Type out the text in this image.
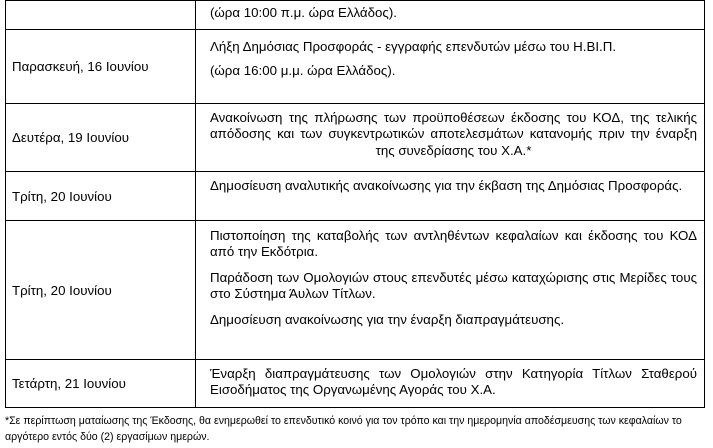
	(ώρα 10:00 π.μ. ώρα Ελλάδος).

Παρασκευή, 16 Ιουνίου	Λήξη Δημόσιας Προσφοράς - εγγραφής επενδυτών μέσω του Η.ΒΙ.Π.

(ώρα 16:00 μ.μ. ώρα Ελλάδος).

Δευτέρα, 19 Ιουνίου	Ανακοίνωση της πλήρωσης των προϋποθέσεων έκδοσης του ΚΟΔ, της τελικής απόδοσης και των συγκεντρωτικών αποτελεσμάτων κατανομής πριν την έναρξη της συνεδρίασης του Χ.Α.*

Τρίτη, 20 Ιουνίου	Δημοσίευση αναλυτικής ανακοίνωσης για την έκβαση της Δημόσιας Προσφοράς.

Τρίτη, 20 Ιουνίου	Πιστοποίηση της καταβολής των αντληθέντων κεφαλαίων και έκδοσης του ΚΟΔ από την Εκδότρια.

Παράδοση των Ομολογιών στους επενδυτές μέσω καταχώρισης στις Μερίδες τους στο Σύστημα Άυλων Τίτλων.

Δημοσίευση ανακοίνωσης για την έναρξη διαπραγμάτευσης.

Τετάρτη, 21 Ιουνίου	Έναρξη διαπραγμάτευσης των Ομολογιών στην Κατηγορία Τίτλων Σταθερού Εισοδήματος της Οργανωμένης Αγοράς του Χ.Α.

*Σε περίπτωση ματαίωσης της Έκδοσης, θα ενημερωθεί το επενδυτικό κοινό για τον τρόπο και την ημερομηνία αποδέσμευσης των κεφαλαίων το αργότερο εντός δύο (2) εργασίμων ημερών.
